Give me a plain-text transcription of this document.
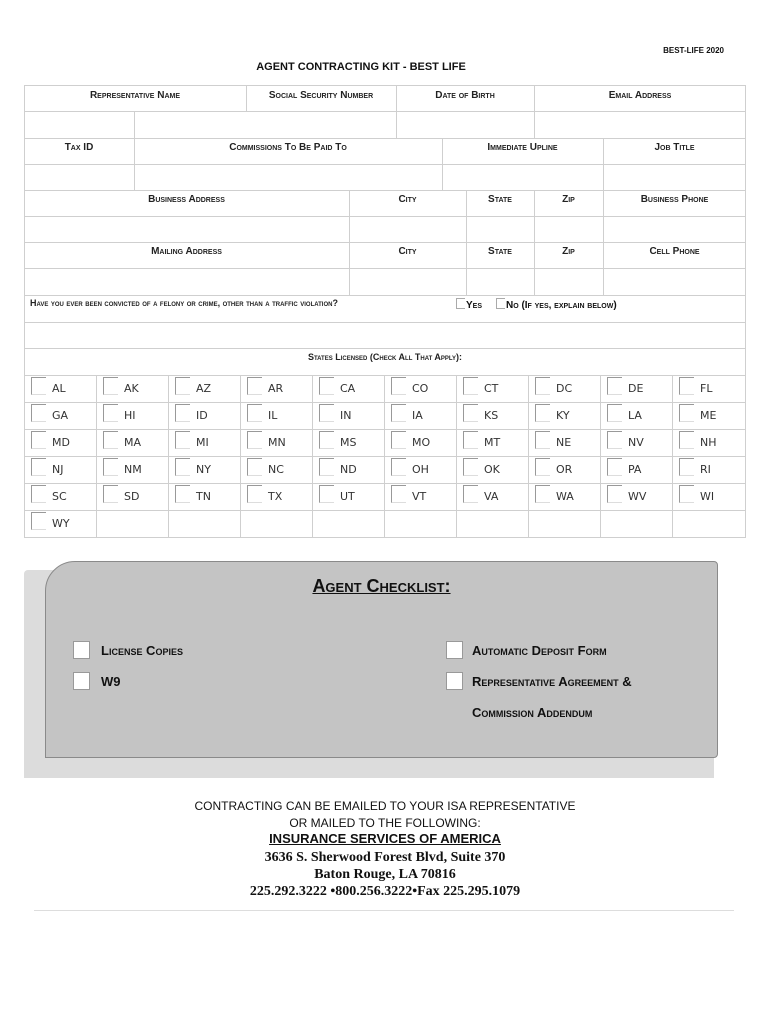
BEST-LIFE 2020
AGENT CONTRACTING KIT - BEST LIFE
Representative Name	Social Security Number	Date of Birth	Email Address
Tax ID	Commissions To Be Paid To	Immediate Upline	Job Title
Business Address	City	State	Zip	Business Phone
Mailing Address	City	State	Zip	Cell Phone
Have you ever been convicted of a felony or crime, other than a traffic violation?	Yes	No (If yes, explain below)
States Licensed (Check All That Apply):
AL	AK	AZ	AR	CA	CO	CT	DC	DE	FL
GA	HI	ID	IL	IN	IA	KS	KY	LA	ME
MD	MA	MI	MN	MS	MO	MT	NE	NV	NH
NJ	NM	NY	NC	ND	OH	OK	OR	PA	RI
SC	SD	TN	TX	UT	VT	VA	WA	WV	WI
WY
Agent Checklist:
License Copies
W9
Automatic Deposit Form
Representative Agreement &
Commission Addendum
CONTRACTING CAN BE EMAILED TO YOUR ISA REPRESENTATIVE
OR MAILED TO THE FOLLOWING:
INSURANCE SERVICES OF AMERICA
3636 S. Sherwood Forest Blvd, Suite 370
Baton Rouge, LA 70816
225.292.3222 •800.256.3222•Fax 225.295.1079
